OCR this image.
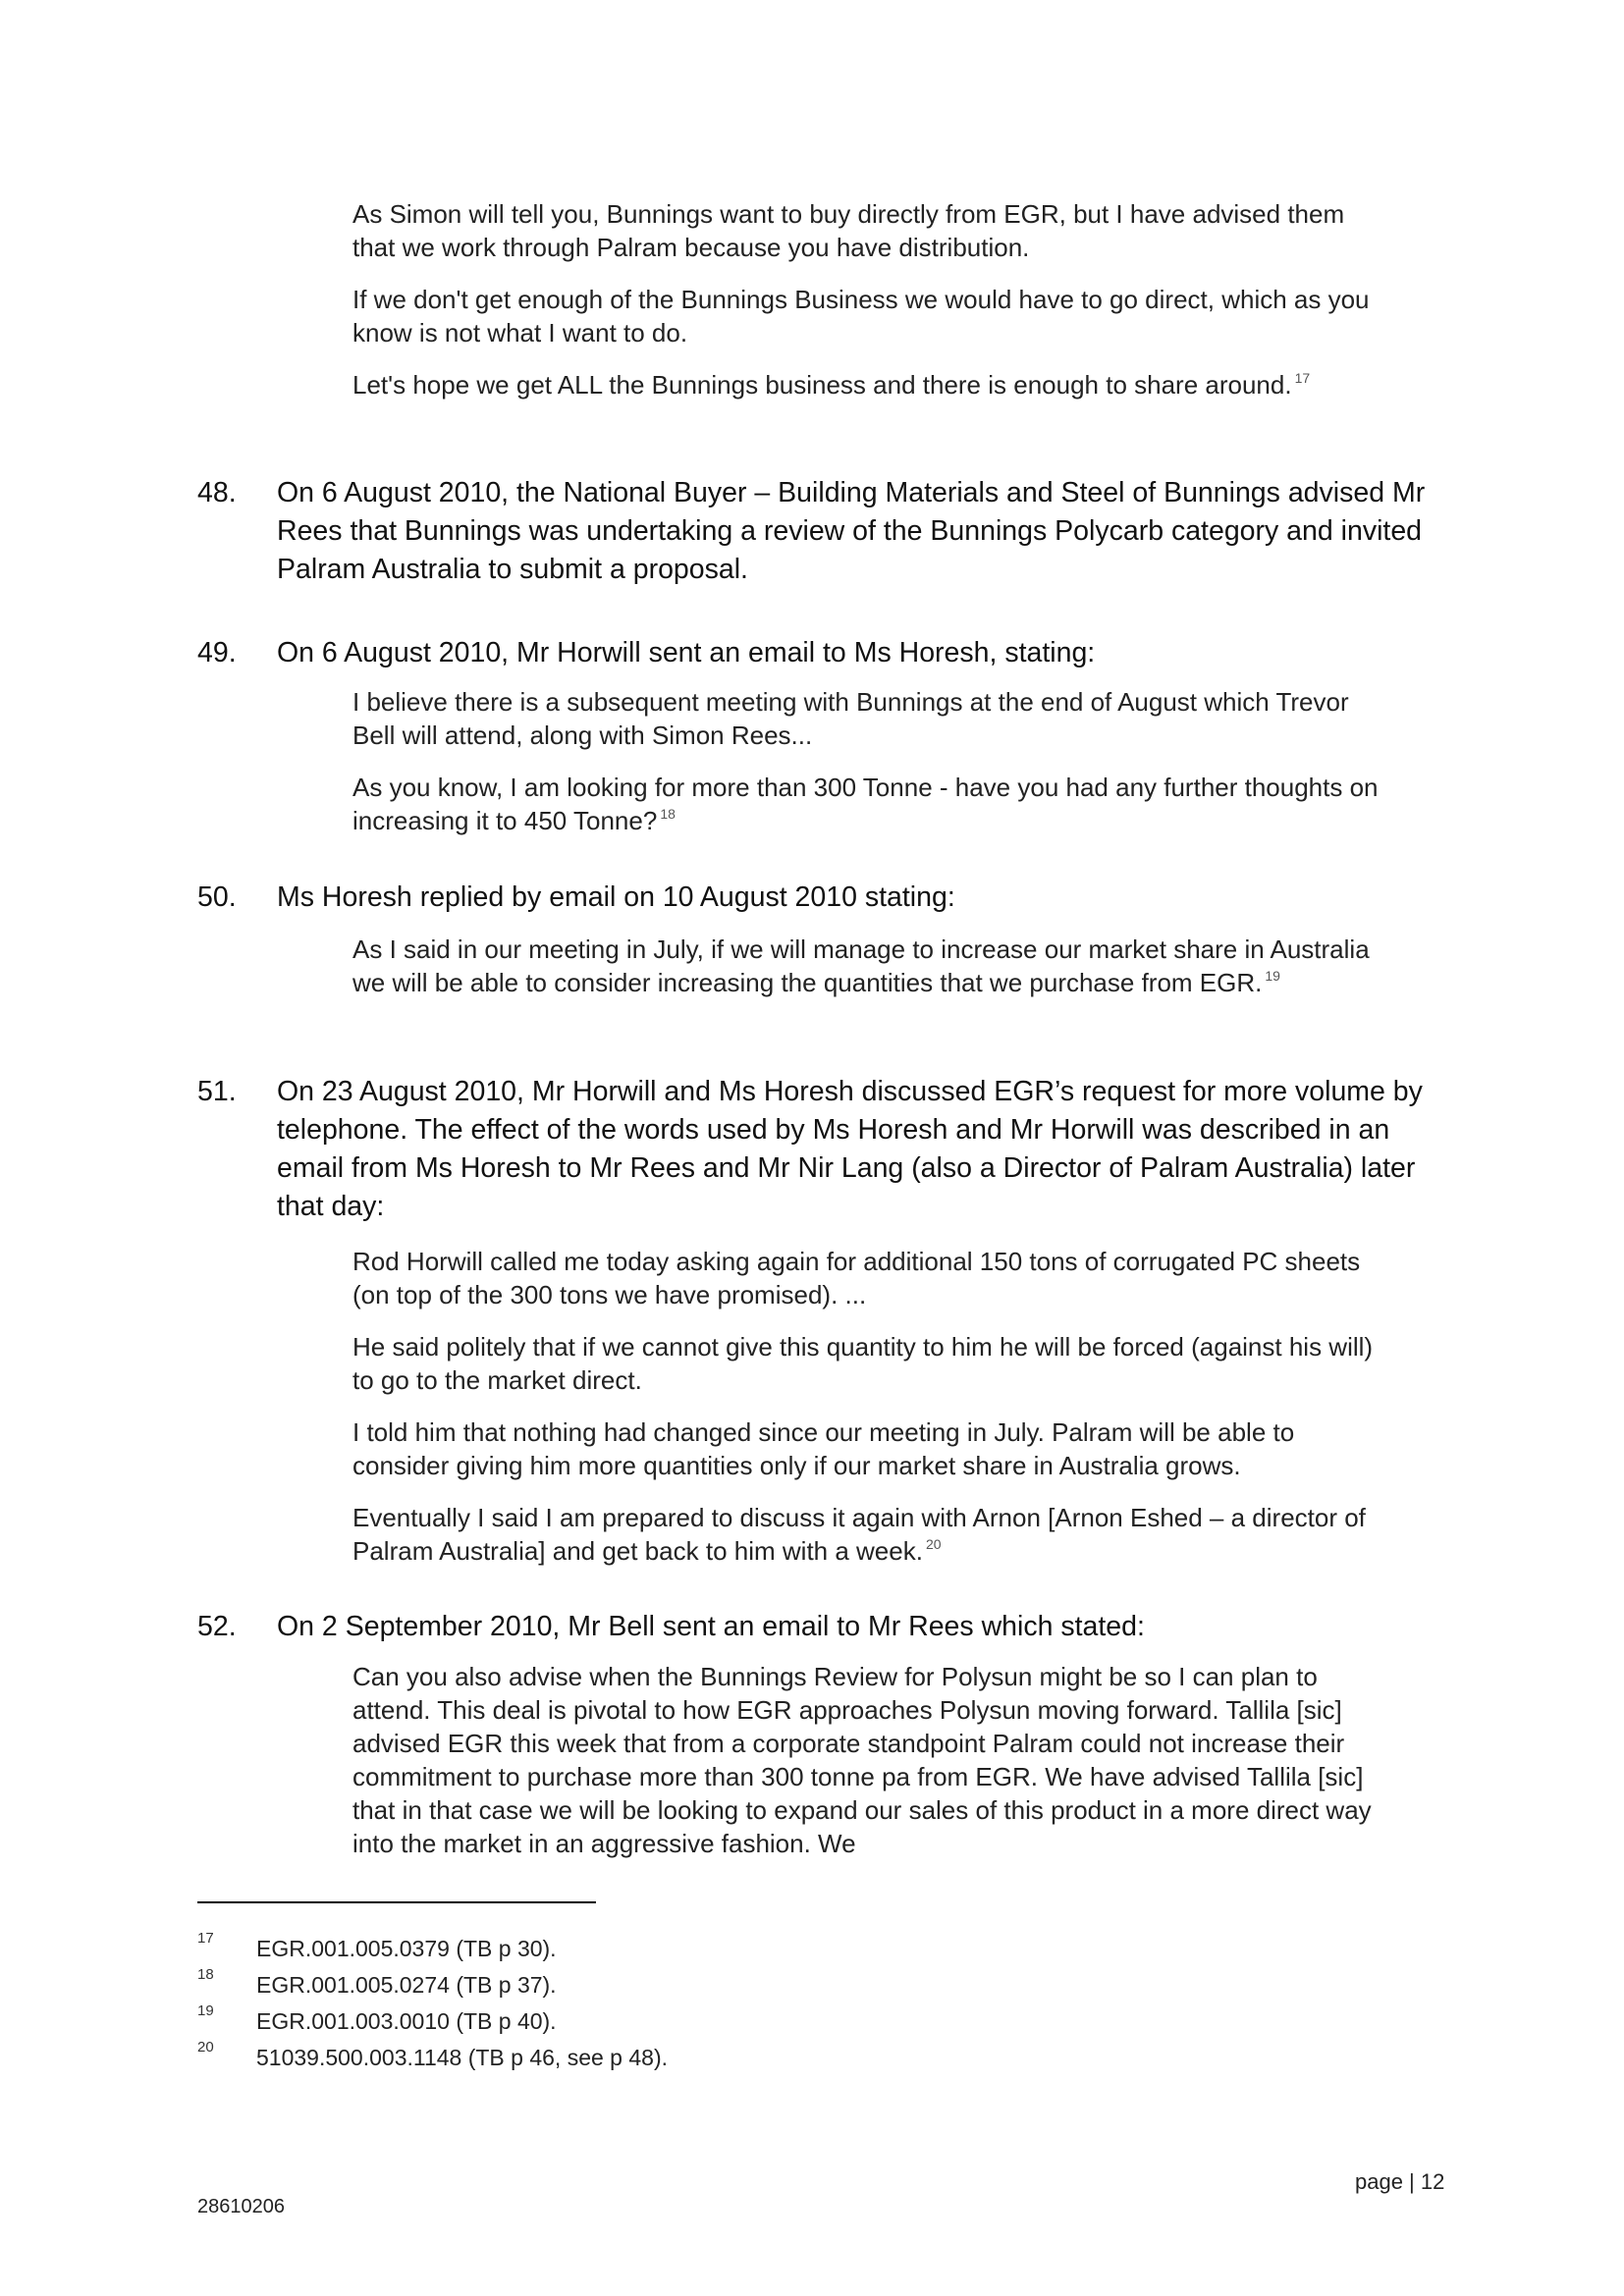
As Simon will tell you, Bunnings want to buy directly from EGR, but I have advised them that we work through Palram because you have distribution.

If we don't get enough of the Bunnings Business we would have to go direct, which as you know is not what I want to do.

Let's hope we get ALL the Bunnings business and there is enough to share around. $^{17}$

48. On 6 August 2010, the National Buyer – Building Materials and Steel of Bunnings advised Mr Rees that Bunnings was undertaking a review of the Bunnings Polycarb category and invited Palram Australia to submit a proposal.
49. On 6 August 2010, Mr Horwill sent an email to Ms Horesh, stating:

I believe there is a subsequent meeting with Bunnings at the end of August which Trevor Bell will attend, along with Simon Rees...

As you know, I am looking for more than 300 Tonne - have you had any further thoughts on increasing it to 450 Tonne? $^{18}$

50. Ms Horesh replied by email on 10 August 2010 stating:

As I said in our meeting in July, if we will manage to increase our market share in Australia we will be able to consider increasing the quantities that we purchase from EGR. $^{19}$

51. On 23 August 2010, Mr Horwill and Ms Horesh discussed EGR’s request for more volume by telephone. The effect of the words used by Ms Horesh and Mr Horwill was described in an email from Ms Horesh to Mr Rees and Mr Nir Lang (also a Director of Palram Australia) later that day:

Rod Horwill called me today asking again for additional 150 tons of corrugated PC sheets (on top of the 300 tons we have promised). ...

He said politely that if we cannot give this quantity to him he will be forced (against his will) to go to the market direct.

I told him that nothing had changed since our meeting in July. Palram will be able to consider giving him more quantities only if our market share in Australia grows.

Eventually I said I am prepared to discuss it again with Arnon [Arnon Eshed – a director of Palram Australia] and get back to him with a week. $^{20}$

52. On 2 September 2010, Mr Bell sent an email to Mr Rees which stated:

Can you also advise when the Bunnings Review for Polysun might be so I can plan to attend. This deal is pivotal to how EGR approaches Polysun moving forward. Tallila [sic] advised EGR this week that from a corporate standpoint Palram could not increase their commitment to purchase more than 300 tonne pa from EGR. We have advised Tallila [sic] that in that case we will be looking to expand our sales of this product in a more direct way into the market in an aggressive fashion. We

17 EGR.001.005.0379 (TB p 30).
18 EGR.001.005.0274 (TB p 37).
19 EGR.001.003.0010 (TB p 40).
20 51039.500.003.1148 (TB p 46, see p 48).
page | 12
28610206
